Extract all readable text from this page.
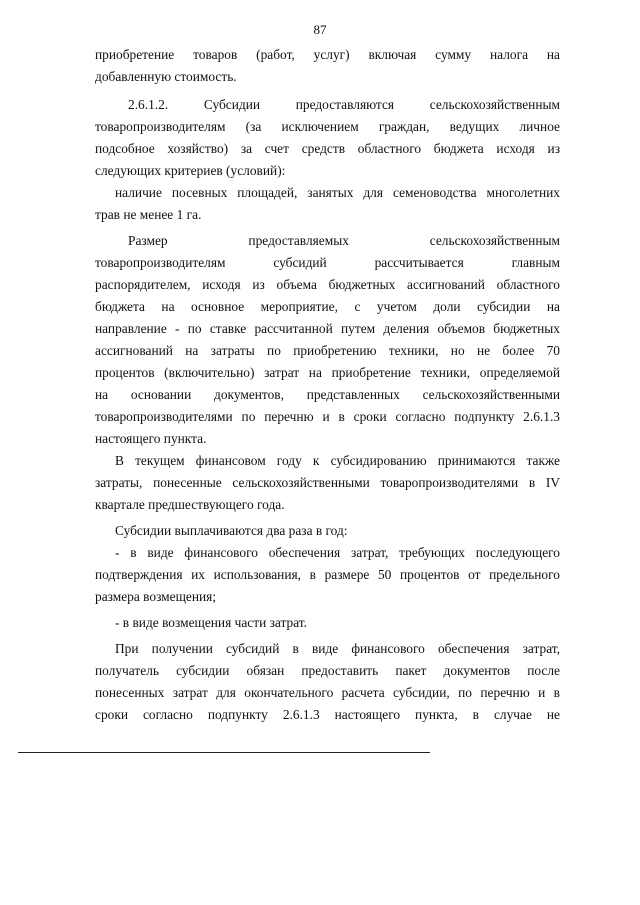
87
приобретение товаров (работ, услуг) включая сумму налога на
добавленную стоимость.
2.6.1.2. Субсидии предоставляются сельскохозяйственным
товаропроизводителям (за исключением граждан, ведущих личное
подсобное хозяйство) за счет средств областного бюджета исходя из
следующих критериев (условий):
наличие посевных площадей, занятых для семеноводства многолетних
трав не менее 1 га.
Размер предоставляемых сельскохозяйственным
товаропроизводителям субсидий рассчитывается главным
распорядителем, исходя из объема бюджетных ассигнований областного
бюджета на основное мероприятие, с учетом доли субсидии на
направление - по ставке рассчитанной путем деления объемов бюджетных
ассигнований на затраты по приобретению техники, но не более 70
процентов (включительно) затрат на приобретение техники, определяемой
на основании документов, представленных сельскохозяйственными
товаропроизводителями по перечню и в сроки согласно подпункту 2.6.1.3
настоящего пункта.
В текущем финансовом году к субсидированию принимаются также
затраты, понесенные сельскохозяйственными товаропроизводителями в IV
квартале предшествующего года.
Субсидии выплачиваются два раза в год:
- в виде финансового обеспечения затрат, требующих последующего
подтверждения их использования, в размере 50 процентов от предельного
размера возмещения;
- в виде возмещения части затрат.
При получении субсидий в виде финансового обеспечения затрат,
получатель субсидии обязан предоставить пакет документов после
понесенных затрат для окончательного расчета субсидии, по перечню и в
сроки согласно подпункту 2.6.1.3 настоящего пункта, в случае не
